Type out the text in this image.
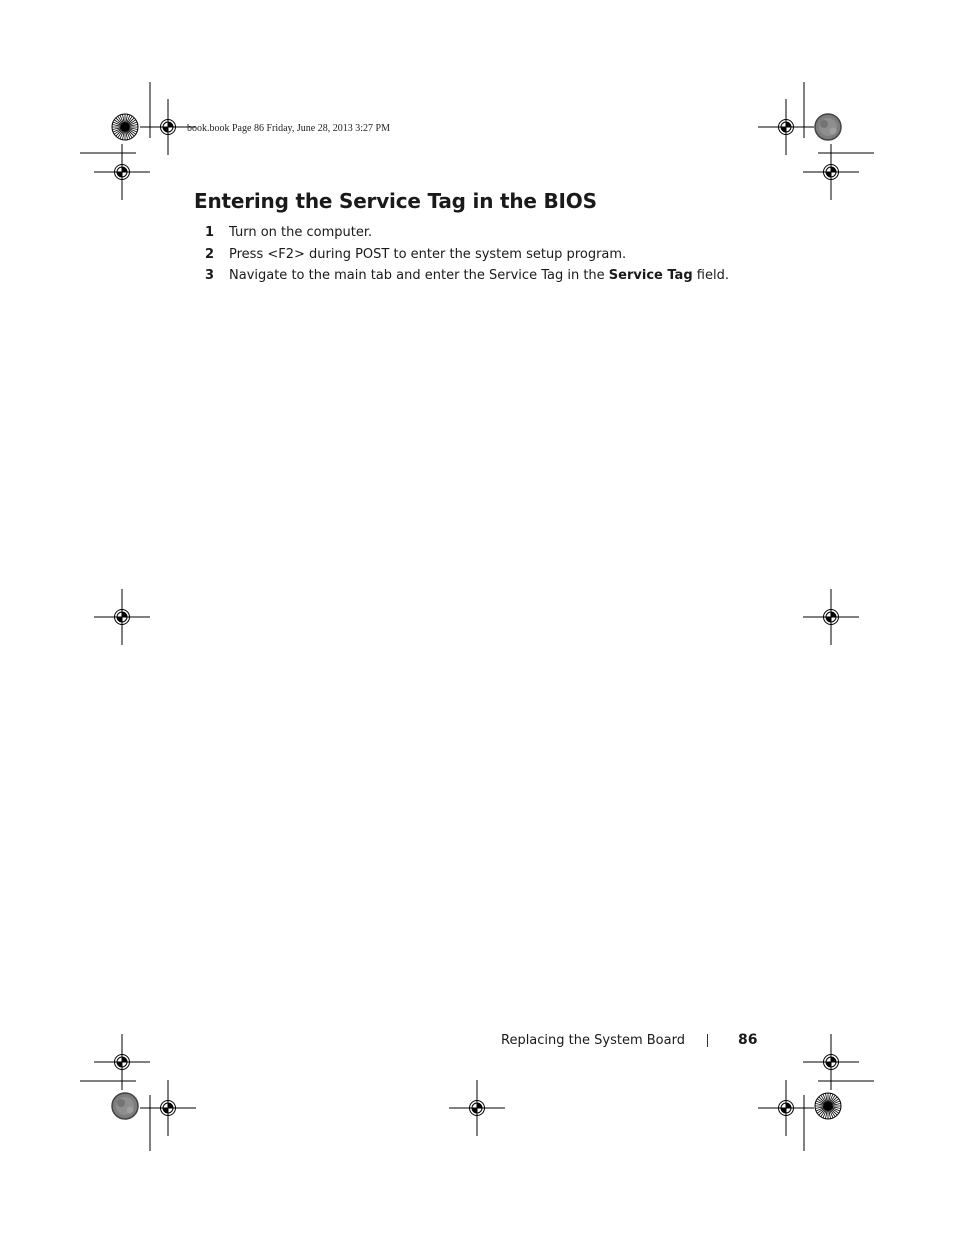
book.book Page 86 Friday, June 28, 2013 3:27 PM

Entering the Service Tag in the BIOS
1 Turn on the computer.
2 Press <F2> during POST to enter the system setup program.
3 Navigate to the main tab and enter the Service Tag in the Service Tag field.

Replacing the System Board	86
